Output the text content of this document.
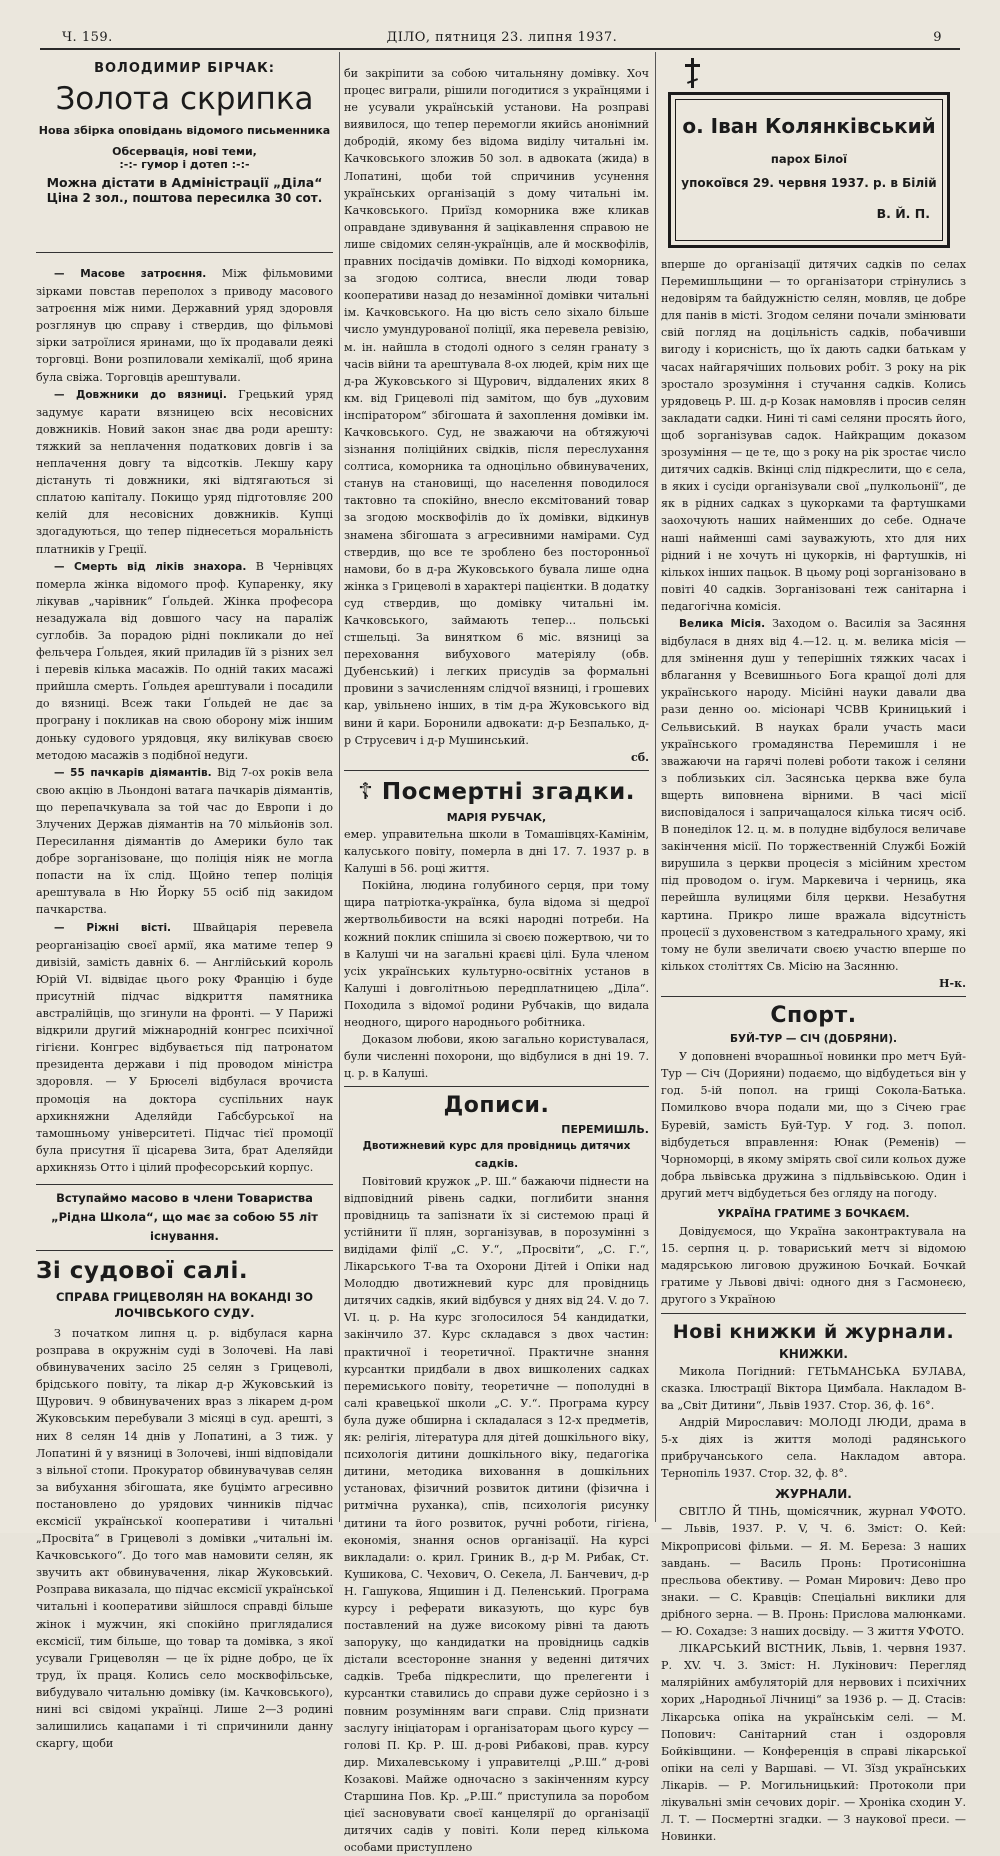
Ч. 159.	ДІЛО, пятниця 23. липня 1937.	9
ВОЛОДИМИР БІРЧАК:
Золота скрипка
Нова збірка оповідань відомого письменника
Обсервація, нові теми,
:-:- гумор і дотеп :-:-
Можна дістати в Адміністрації „Діла“
Ціна 2 зол., поштова пересилка 30 сот.

— Масове затроєння. Між фільмовими зірками повстав переполох з приводу масового затроєння між ними. Державний уряд здоровля розглянув цю справу і ствердив, що фільмові зірки затроїлися яринами, що їх продавали деякі торговці. Вони розпиловали хемікалії, щоб ярина була свіжа. Торговців арештували.

— Довжники до вязниці. Грецький уряд задумує карати вязницею всіх несовісних довжників. Новий закон знає два роди арешту: тяжкий за неплачення податкових довгів і за неплачення довгу та відсотків. Лекшу кару дістануть ті довжники, які відтягаються зі сплатою капіталу. Покищо уряд підготовляє 200 келій для несовісних довжників. Купці здогадуються, що тепер піднесеться моральність платників у Греції.

— Смерть від ліків знахора. В Чернівцях померла жінка відомого проф. Купаренку, яку лікував „чарівник“ Ґольдей. Жінка професора незадужала від довшого часу на параліж суглобів. За порадою рідні покликали до неї фельчера Ґольдея, який приладив їй з різних зел і перевів кілька масажів. По одній таких масажі прийшла смерть. Ґольдея арештували і посадили до вязниці. Всеж таки Ґольдей не дає за програну і покликав на свою оборону між іншим доньку судового урядовця, яку вилікував своєю методою масажів з подібної недуги.

— 55 пачкарів діямантів. Від 7-ох років вела свою акцію в Льондоні ватага пачкарів діямантів, що перепачкувала за той час до Европи і до Злучених Держав діямантів на 70 мільйонів зол. Пересилання діямантів до Америки було так добре зорганізоване, що поліція ніяк не могла попасти на їх слід. Щойно тепер поліція арештувала в Ню Йорку 55 осіб під закидом пачкарства.

— Ріжні вісті. Швайцарія перевела реорганізацію своєї армії, яка матиме тепер 9 дивізій, замість давніх 6. — Англійський король Юрій VI. відвідає цього року Францію і буде присутній підчас відкриття памятника австралійців, що згинули на фронті. — У Парижі відкрили другий міжнародній конгрес психічної гігієни. Конгрес відбувається під патронатом президента держави і під проводом міністра здоровля. — У Брюселі відбулася врочиста промоція на доктора суспільних наук архикняжни Аделяйди Габсбурської на тамошньому університеті. Підчас тієї промоції була присутня її цісарева Зита, брат Аделяйди архикнязь Отто і цілий професорський корпус.

Вступаймо масово в члени Товариства „Рідна Школа“, що має за собою 55 літ існування.

Зі судової салі.

СПРАВА ГРИЦЕВОЛЯН НА ВОКАНДІ ЗО ЛОЧІВСЬКОГО СУДУ.

З початком липня ц. р. відбулася карна розправа в окружнім суді в Золочеві. На лаві обвинувачених засіло 25 селян з Грицеволі, брідського повіту, та лікар д-р Жуковський із Щурович. 9 обвинувачених враз з лікарем д-ром Жуковським перебували 3 місяці в суд. арешті, з них 8 селян 14 днів у Лопатині, а 3 тиж. у Лопатині й у вязниці в Золочеві, інші відповідали з вільної стопи. Прокуратор обвинувачував селян за вибухання збігошата, яке буцімто агресивно постановлено до урядових чинників підчас ексмісії української кооперативи і читальні „Просвіта“ в Грицеволі з домівки „читальні ім. Качковського“. До того мав намовити селян, як звучить акт обвинувачення, лікар Жуковський. Розправа виказала, що підчас ексмісії української читальні і кооперативи зійшлося справді більше жінок і мужчин, які спокійно приглядалися ексмісії, тим більше, що товар та домівка, з якої усували Грицеволян — це їх рідне добро, це їх труд, їх праця. Колись село москвофільське, вибудувало читальню домівку (ім. Качковського), нині всі свідомі українці. Лише 2—3 родині залишились кацапами і ті спричинили данну скаргу, щоби

би закріпити за собою читальняну домівку. Хоч процес виграли, рішили погодитися з українцями і не усували українській установи. На розправі виявилося, що тепер перемогли якийсь анонімний добродій, якому без відома виділу читальні ім. Качковського зложив 50 зол. в адвоката (жида) в Лопатині, щоби той спричинив усунення українських організацій з дому читальні ім. Качковського. Приїзд коморника вже кликав оправдане здивування й зацікавлення справою не лише свідомих селян-українців, але й москвофілів, правних посідачів домівки. По відході коморника, за згодою солтиса, внесли люди товар кооперативи назад до незамінної домівки читальні ім. Качковського. На цю вість село зіхало більше число умундурованої поліції, яка перевела ревізію, м. ін. найшла в стодолі одного з селян гранату з часів війни та арештувала 8-ох людей, крім них ще д-ра Жуковського зі Щурович, віддалених яких 8 км. від Грицеволі під замітом, що був „духовим інспіратором“ збігошата й захоплення домівки ім. Качковського. Суд, не зважаючи на обтяжуючі зізнання поліційних свідків, після переслухання солтиса, коморника та одноцільно обвинувачених, станув на становищі, що населення поводилося тактовно та спокійно, внесло ексмітований товар за згодою москвофілів до їх домівки, відкинув знамена збігошата з агресивними намірами. Суд ствердив, що все те зроблено без посторонньої намови, бо в д-ра Жуковського бувала лише одна жінка з Грицеволі в характері пацієнтки. В додатку суд ствердив, що домівку читальні ім. Качковського, займають тепер... польські стшельці. За винятком 6 міс. вязниці за переховання вибухового матеріялу (обв. Дубенський) і легких присудів за формальні провини з зачисленням слідчої вязниці, і грошевих кар, увільнено інших, в тім д-ра Жуковського від вини й кари. Боронили адвокати: д-р Безпалько, д-р Струсевич і д-р Мушинський.

сб.

☦ Посмертні згадки.

МАРІЯ РУБЧАК,

емер. управительна школи в Томашівцях-Камінім, калуського повіту, померла в дні 17. 7. 1937 р. в Калуші в 56. році життя.

Покійна, людина голубиного серця, при тому щира патріотка-українка, була відома зі щедрої жертвольбивости на всякі народні потреби. На кожний поклик спішила зі своєю пожертвою, чи то в Калуші чи на загальні краєві цілі. Була членом усіх українських культурно-освітніх установ в Калуші і довголітньою передплатницею „Діла“. Походила з відомої родини Рубчаків, що видала неодного, щирого народнього робітника.

Доказом любови, якою загально користувалася, були численні похорони, що відбулися в дні 19. 7. ц. р. в Калуші.

Дописи.

ПЕРЕМИШЛЬ.

Двотижневий курс для провідниць дитячих садків.

Повітовий кружок „Р. Ш.“ бажаючи піднести на відповідний рівень садки, поглибити знання провідниць та запізнати їх зі системою праці й устійнити її плян, зорганізував, в порозумінні з видідами філії „С. У.“, „Просвіти“, „С. Г.“, Лікарського Т-ва та Охорони Дітей і Опіки над Молоддю двотижневий курс для провідниць дитячих садків, який відбувся у днях від 24. V. до 7. VI. ц. р. На курс зголосилося 54 кандидатки, закінчило 37. Курс складався з двох частин: практичної і теоретичної. Практичне знання курсантки придбали в двох вишколених садках перемиського повіту, теоретичне — пополудні в салі кравецької школи „С. У.“. Програма курсу була дуже обширна і складалася з 12-х предметів, як: релігія, література для дітей дошкільного віку, психологія дитини дошкільного віку, педагогіка дитини, методика виховання в дошкільних установах, фізичний розвиток дитини (фізична і ритмічна руханка), спів, психологія рисунку дитини та його розвиток, ручні роботи, гігієна, економія, знання основ організації. На курсі викладали: о. крил. Гриник В., д-р М. Рибак, Ст. Кушикова, С. Чехович, О. Секела, Л. Банчевич, д-р Н. Гашукова, Ящишин і Д. Пеленський. Програма курсу і реферати виказують, що курс був поставлений на дуже високому рівні та дають запоруку, що кандидатки на провідниць садків дістали всесторонне знання у веденні дитячих садків. Треба підкреслити, що прелегенти і курсантки ставились до справи дуже серйозно і з повним розумінням ваги справи. Слід признати заслугу ініціаторам і організаторам цього курсу — голові П. Кр. Р. Ш. д-рові Рибакові, прав. курсу дир. Михалевському і управителці „Р.Ш.“ д-рові Козакові. Майже одночасно з закінченням курсу Старшина Пов. Кр. „Р.Ш.“ приступила за поробом цієї засновувати своєї канцелярії до організації дитячих садів у повіті. Коли перед кількома особами приступлено

о. Іван Колянківський
парох Білої
упокоївся 29. червня 1937. р. в Білій
В. Й. П.

вперше до організації дитячих садків по селах Перемишльщини — то організатори стрінулись з недовірям та байдужністю селян, мовляв, це добре для панів в місті. Згодом селяни почали змінювати свій погляд на доцільність садків, побачивши вигоду і корисність, що їх дають садки батькам у часах найгарячіших польових робіт. З року на рік зростало зрозуміння і стучання садків. Колись урядовець Р. Ш. д-р Козак намовляв і просив селян закладати садки. Нині ті самі селяни просять його, щоб зорганізував садок. Найкращим доказом зрозуміння — це те, що з року на рік зростає число дитячих садків. Вкінці слід підкреслити, що є села, в яких і сусіди організували свої „пулкольонії“, де як в рідних садках з цукорками та фартушками заохочують наших найменших до себе. Одначе наші найменші самі зауважують, хто для них рідний і не хочуть ні цукорків, ні фартушків, ні кількох інших пацьок. В цьому році зорганізовано в повіті 40 садків. Зорганізовані теж санітарна і педагогічна комісія.

Велика Місія. Заходом о. Василія за Засяння відбулася в днях від 4.—12. ц. м. велика місія — для змінення душ у теперішніх тяжких часах і вблагання у Всевишнього Бога кращої долі для українського народу. Місійні науки давали два рази денно оо. місіонарі ЧСВВ Криницький і Сельвиський. В науках брали участь маси українського громадянства Перемишля і не зважаючи на гарячі полеві роботи також і селяни з поблизьких сіл. Засянська церква вже була вщерть виповнена вірними. В часі місії висповідалося і запричащалося кілька тисяч осіб. В понеділок 12. ц. м. в полудне відбулося величаве закінчення місії. По торжественній Службі Божій вирушила з церкви процесія з місійним хрестом під проводом о. ігум. Маркевича і черниць, яка перейшла вулицями біля церкви. Незабутня картина. Прикро лише вражала відсутність процесії з духовенством з катедрального храму, які тому не були звеличати своєю участю вперше по кількох століттях Св. Місію на Засянню.

Н-к.

Спорт.

БУЙ-ТУР — СІЧ (ДОБРЯНИ).

У доповнені вчорашньої новинки про метч Буй-Тур — Січ (Дорияни) подаємо, що відбудеться він у год. 5-ій попол. на грищі Сокола-Батька. Помилково вчора подали ми, що з Січею грає Буревій, замість Буй-Тур. У год. 3. попол. відбудеться вправлення: Юнак (Ременів) — Чорноморці, в якому змірять свої сили кольох дуже добра львівська дружина з підльвівською. Один і другий метч відбудеться без огляду на погоду.

УКРАЇНА ГРАТИМЕ З БОЧКАЄМ.

Довідуємося, що Україна законтрактувала на 15. серпня ц. р. товариський метч зі відомою мадярською лиговою дружиною Бочкай. Бочкай гратиме у Львові двічі: одного дня з Гасмонеєю, другого з Україною

Нові книжки й журнали.

КНИЖКИ.

Микола Погідний: ГЕТЬМАНСЬКА БУЛАВА, сказка. Ілюстрації Віктора Цимбала. Накладом В-ва „Світ Дитини“, Львів 1937. Стор. 36, ф. 16°.

Андрій Мирославич: МОЛОДІ ЛЮДИ, драма в 5-х діях із життя молоді радянського прибручанського села. Накладом автора. Тернопіль 1937. Стор. 32, ф. 8°.

ЖУРНАЛИ.

СВІТЛО Й ТІНЬ, щомісячник, журнал УФОТО. — Львів, 1937. Р. V, Ч. 6. Зміст: О. Кей: Мікроприсові фільми. — Я. М. Береза: 3 наших завдань. — Василь Пронь: Протисонішна пресльова обективу. — Роман Мирович: Дево про знаки. — С. Кравців: Спеціальні виклики для дрібного зерна. — В. Пронь: Прислова малюнками. — Ю. Сохадзе: З наших досвіду. — З життя УФОТО.

ЛІКАРСЬКИЙ ВІСТНИК, Львів, 1. червня 1937. Р. XV. Ч. 3. Зміст: Н. Лукінович: Перегляд малярійних амбуляторій для нервових і психічних хорих „Народньої Лічниці“ за 1936 р. — Д. Стасів: Лікарська опіка на українськім селі. — М. Попович: Санітарний стан і оздоровля Бойківщини. — Конференція в справі лікарської опіки на селі у Варшаві. — VI. Зїзд українських Лікарів. — Р. Могильницький: Протоколи при лікувальні змін сечових доріг. — Хроніка сходин У. Л. Т. — Посмертні згадки. — З наукової преси. — Новинки.
